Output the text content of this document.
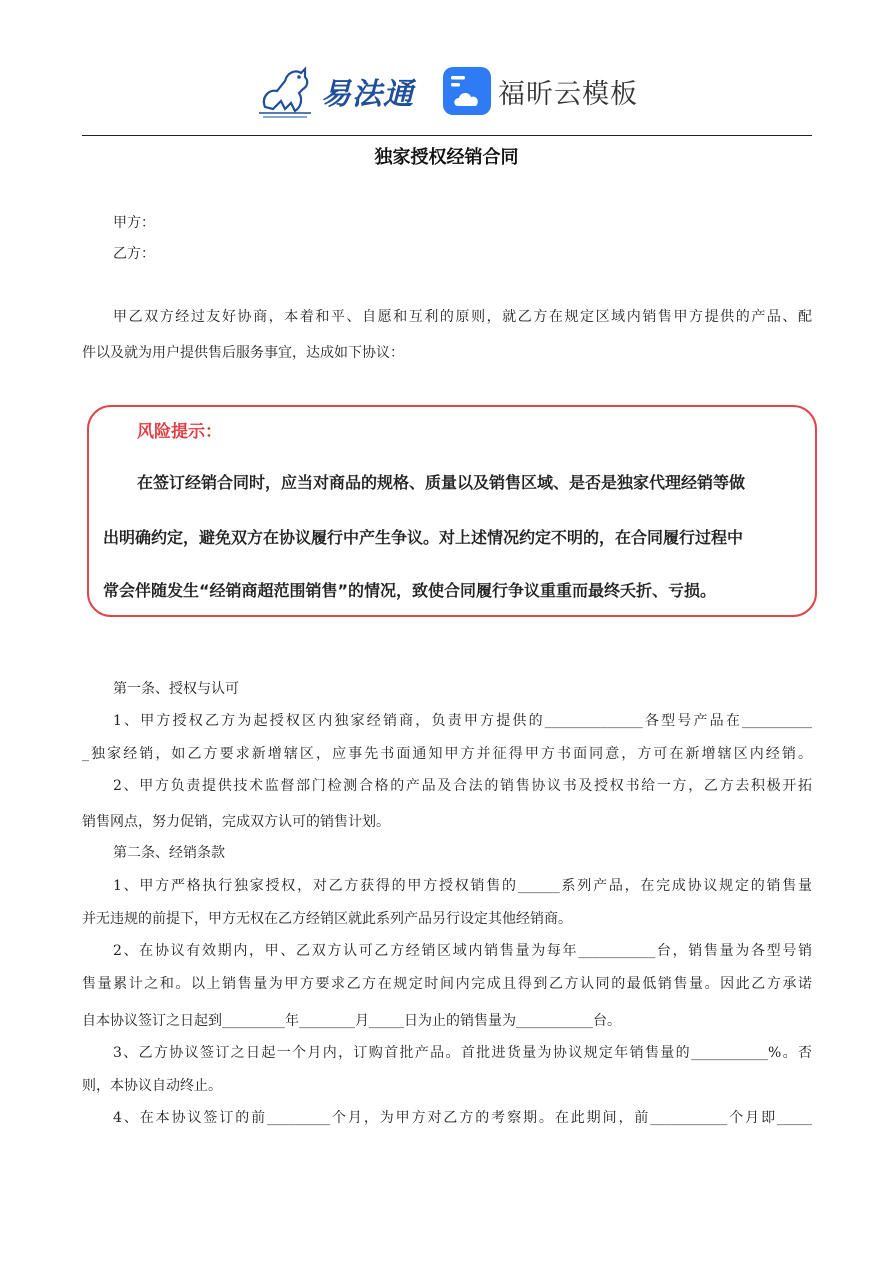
易法通	福昕云模板
独家授权经销合同
甲方：
乙方：
甲乙双方经过友好协商，本着和平、自愿和互利的原则，就乙方在规定区域内销售甲方提供的产品、配
件以及就为用户提供售后服务事宜，达成如下协议：
风险提示：
在签订经销合同时，应当对商品的规格、质量以及销售区域、是否是独家代理经销等做
出明确约定，避免双方在协议履行中产生争议。对上述情况约定不明的，在合同履行过程中
常会伴随发生“经销商超范围销售”的情况，致使合同履行争议重重而最终夭折、亏损。
第一条、授权与认可
1、甲方授权乙方为起授权区内独家经销商，负责甲方提供的______________各型号产品在__________
_独家经销，如乙方要求新增辖区，应事先书面通知甲方并征得甲方书面同意，方可在新增辖区内经销。
2、甲方负责提供技术监督部门检测合格的产品及合法的销售协议书及授权书给一方，乙方去积极开拓
销售网点，努力促销，完成双方认可的销售计划。
第二条、经销条款
1、甲方严格执行独家授权，对乙方获得的甲方授权销售的______系列产品，在完成协议规定的销售量
并无违规的前提下，甲方无权在乙方经销区就此系列产品另行设定其他经销商。
2、在协议有效期内，甲、乙双方认可乙方经销区域内销售量为每年___________台，销售量为各型号销
售量累计之和。以上销售量为甲方要求乙方在规定时间内完成且得到乙方认同的最低销售量。因此乙方承诺
自本协议签订之日起到_________年________月_____日为止的销售量为___________台。
3、乙方协议签订之日起一个月内，订购首批产品。首批进货量为协议规定年销售量的___________%。否
则，本协议自动终止。
4、在本协议签订的前_________个月，为甲方对乙方的考察期。在此期间，前___________个月即_____
